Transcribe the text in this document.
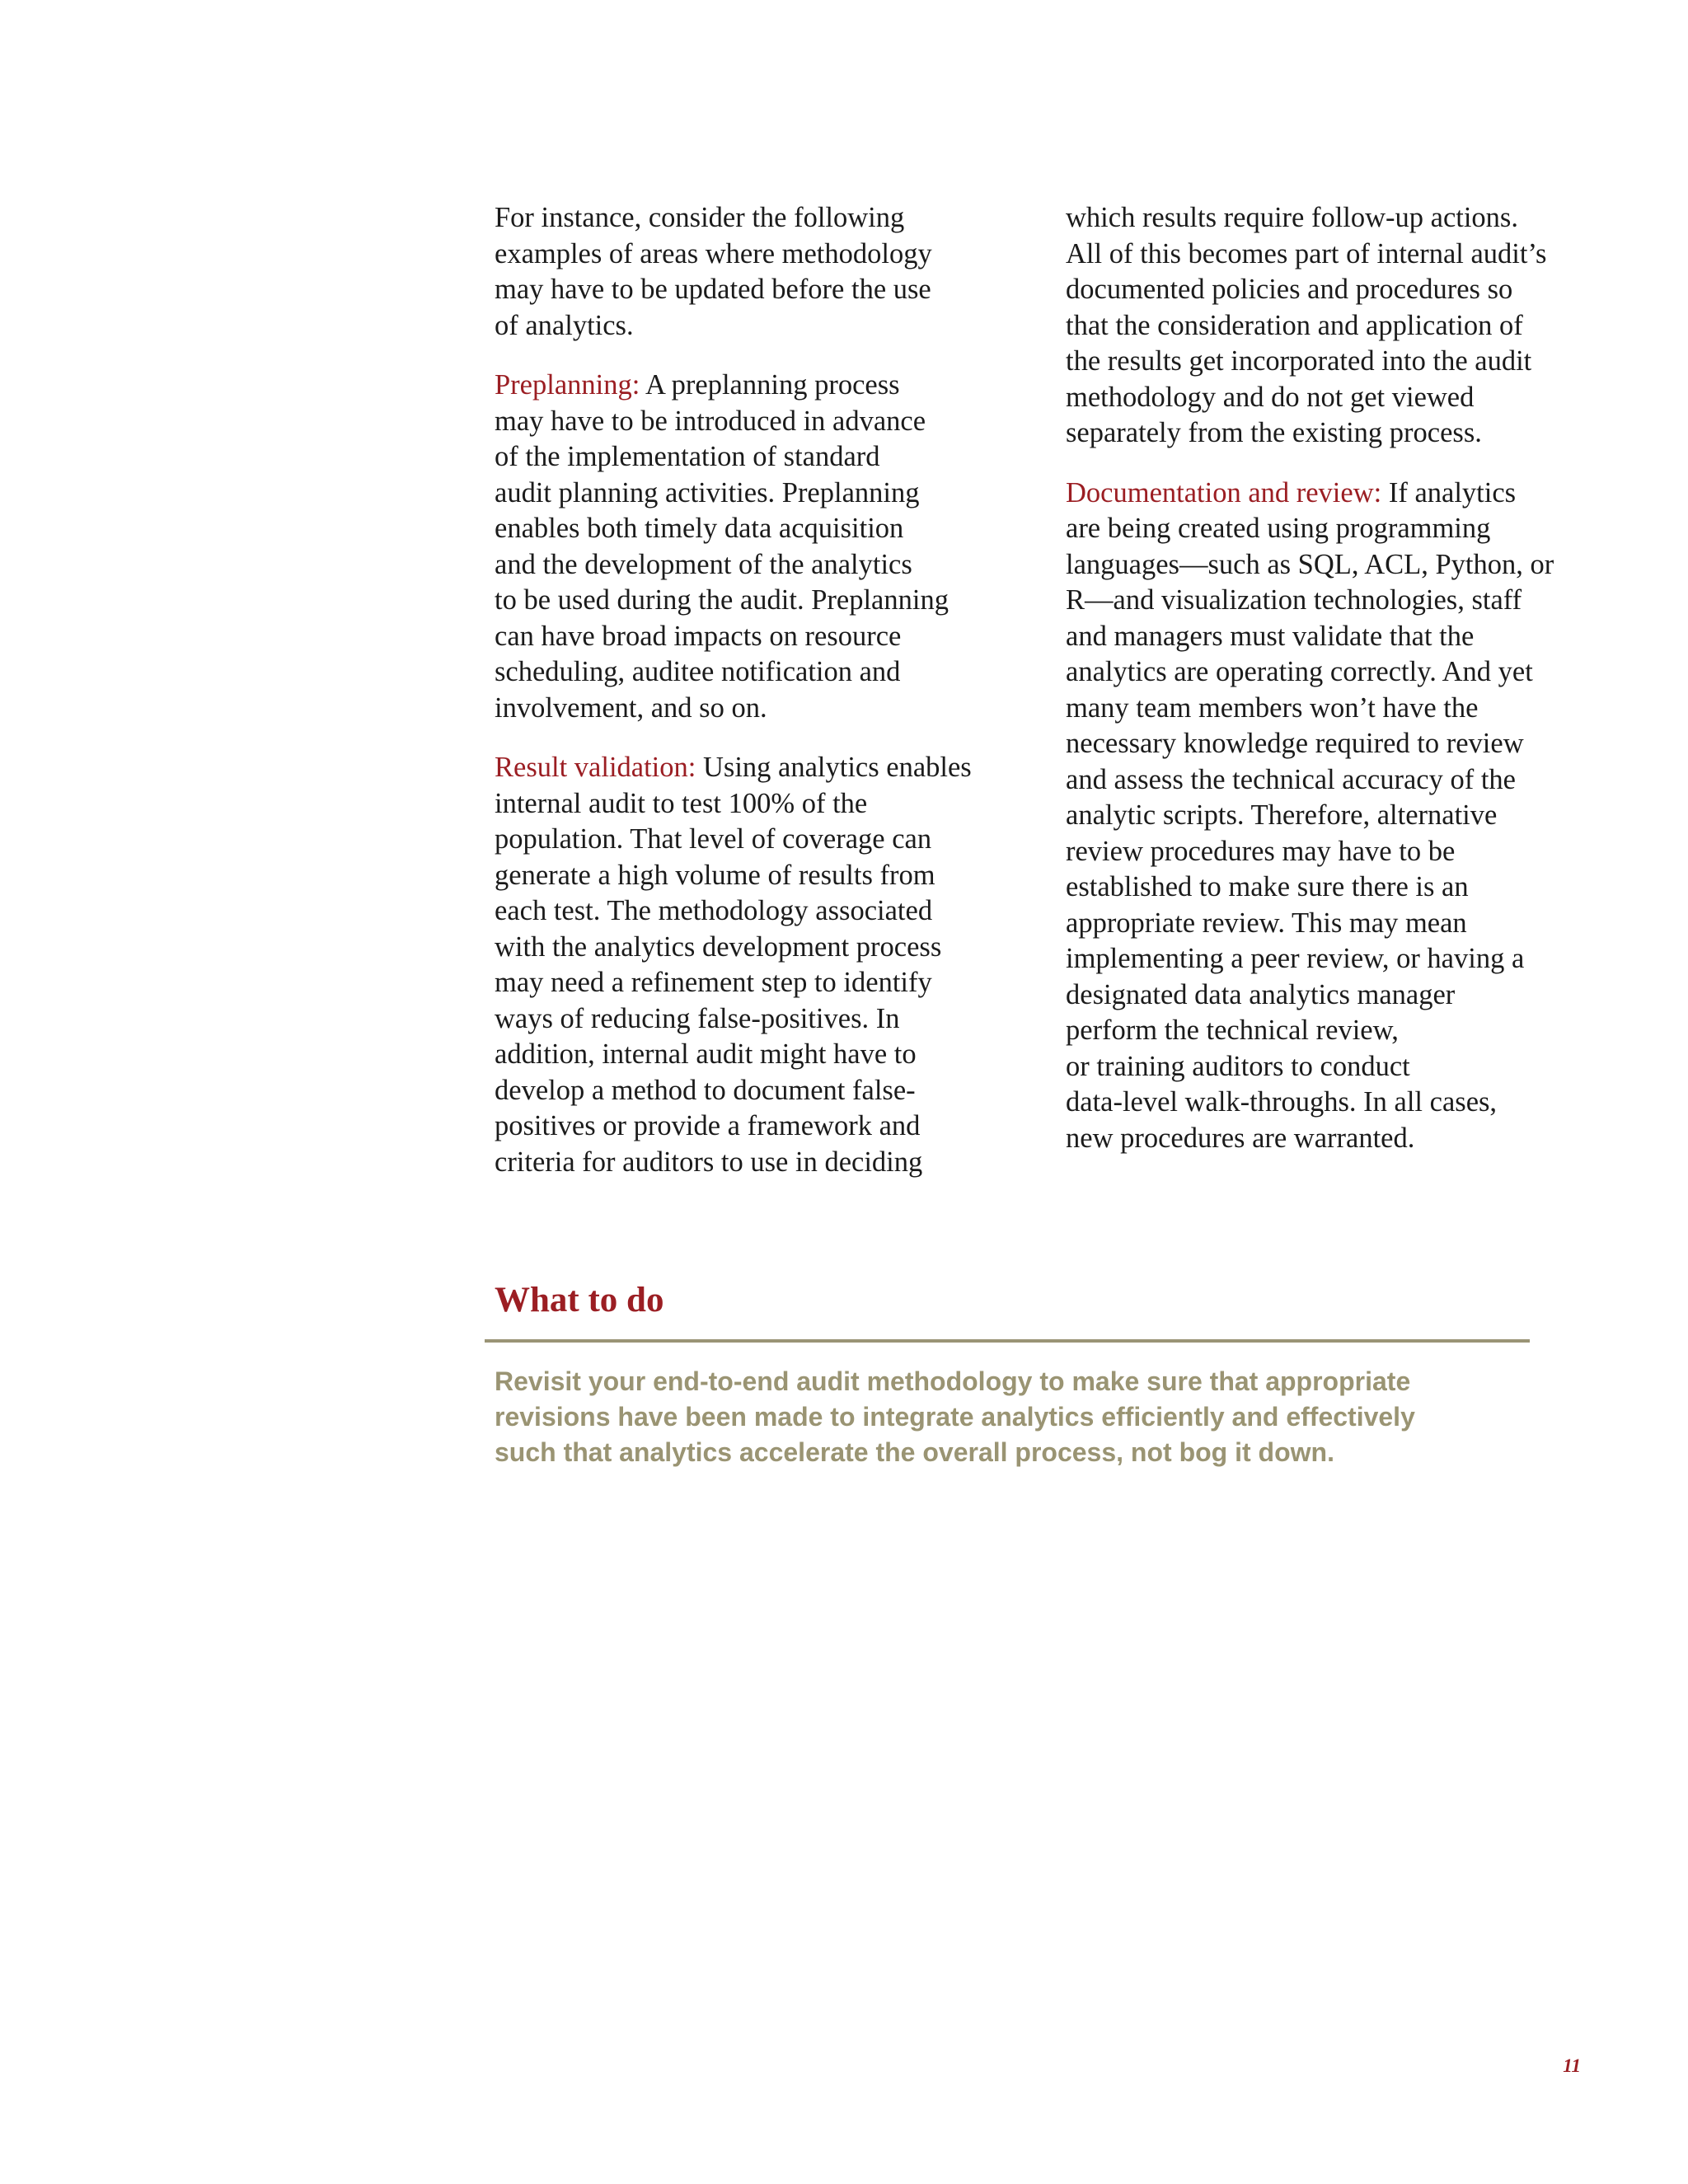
For instance, consider the following
examples of areas where methodology
may have to be updated before the use
of analytics.

Preplanning: A preplanning process
may have to be introduced in advance
of the implementation of standard
audit planning activities. Preplanning
enables both timely data acquisition
and the development of the analytics
to be used during the audit. Preplanning
can have broad impacts on resource
scheduling, auditee notification and
involvement, and so on.

Result validation: Using analytics enables
internal audit to test 100% of the
population. That level of coverage can
generate a high volume of results from
each test. The methodology associated
with the analytics development process
may need a refinement step to identify
ways of reducing false-positives. In
addition, internal audit might have to
develop a method to document false-
positives or provide a framework and
criteria for auditors to use in deciding

which results require follow-up actions.
All of this becomes part of internal audit’s
documented policies and procedures so
that the consideration and application of
the results get incorporated into the audit
methodology and do not get viewed
separately from the existing process.

Documentation and review: If analytics
are being created using programming
languages—such as SQL, ACL, Python, or
R—and visualization technologies, staff
and managers must validate that the
analytics are operating correctly. And yet
many team members won’t have the
necessary knowledge required to review
and assess the technical accuracy of the
analytic scripts. Therefore, alternative
review procedures may have to be
established to make sure there is an
appropriate review. This may mean
implementing a peer review, or having a
designated data analytics manager
perform the technical review,
or training auditors to conduct
data-level walk-throughs. In all cases,
new procedures are warranted.

What to do
Revisit your end-to-end audit methodology to make sure that appropriate
revisions have been made to integrate analytics efficiently and effectively
such that analytics accelerate the overall process, not bog it down.
11
